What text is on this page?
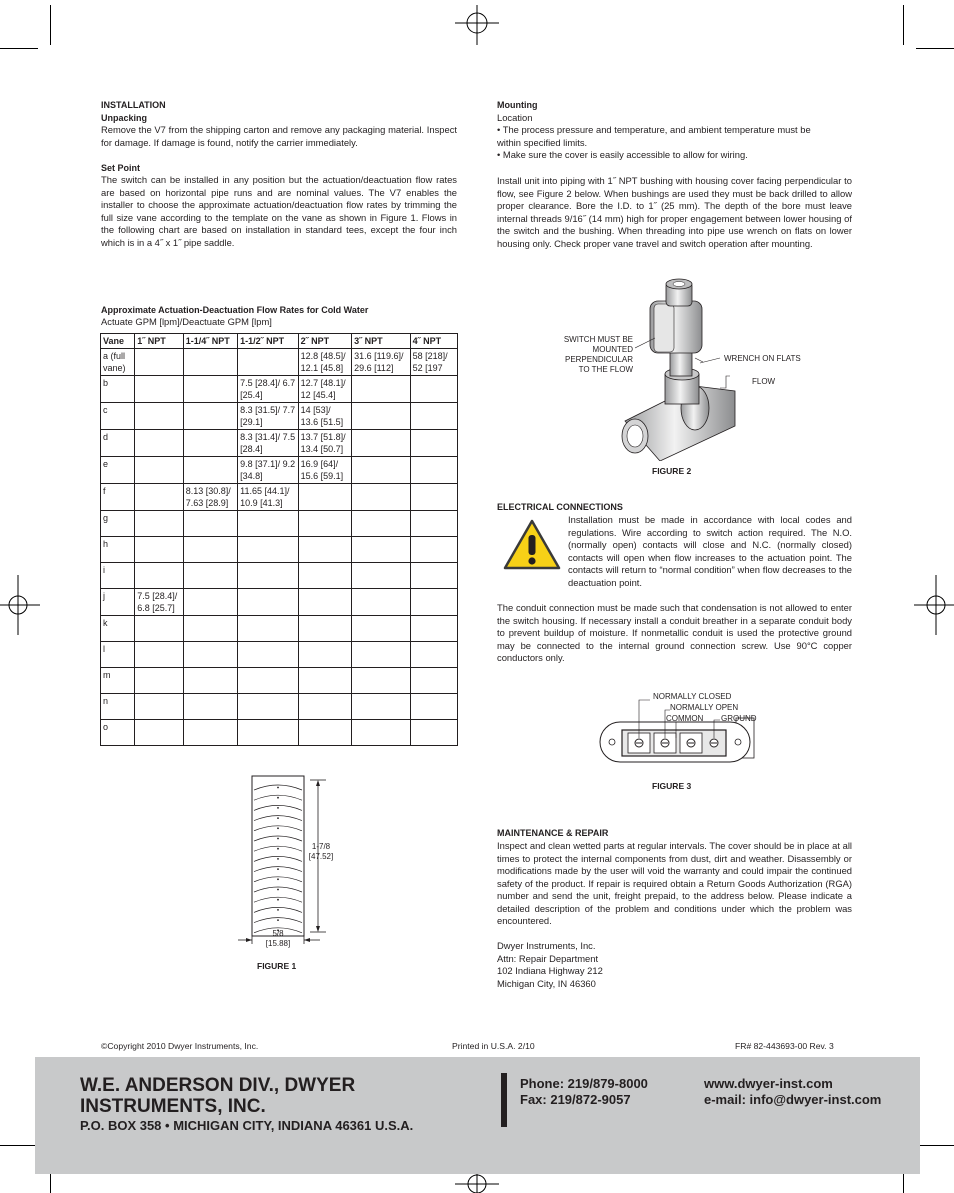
INSTALLATION
Unpacking
Remove the V7 from the shipping carton and remove any packaging material. Inspect for damage. If damage is found, notify the carrier immediately.
Set Point
The switch can be installed in any position but the actuation/deactuation flow rates are based on horizontal pipe runs and are nominal values. The V7 enables the installer to choose the approximate actuation/deactuation flow rates by trimming the full size vane according to the template on the vane as shown in Figure 1. Flows in the following chart are based on installation in standard tees, except the four inch which is in a 4˝ x 1˝ pipe saddle.
Approximate Actuation-Deactuation Flow Rates for Cold Water
Actuate GPM [lpm]/Deactuate GPM [lpm]
Vane	1˝ NPT	1-1/4˝ NPT	1-1/2˝ NPT	2˝ NPT	3˝ NPT	4˝ NPT
a (full vane)				12.8 [48.5]/ 12.1 [45.8]	31.6 [119.6]/ 29.6 [112]	58 [218]/ 52 [197
b			7.5 [28.4]/ 6.7 [25.4]	12.7 [48.1]/ 12 [45.4]		
c			8.3 [31.5]/ 7.7 [29.1]	14 [53]/ 13.6 [51.5]		
d			8.3 [31.4]/ 7.5 [28.4]	13.7 [51.8]/ 13.4 [50.7]		
e			9.8 [37.1]/ 9.2 [34.8]	16.9 [64]/ 15.6 [59.1]		
f		8.13 [30.8]/ 7.63 [28.9]	11.65 [44.1]/ 10.9 [41.3]			
g						
h						
i						
j	7.5 [28.4]/ 6.8 [25.7]					
k						
l						
m						
n						
o						
1-7/8
[47.52]
5/8
[15.88]
FIGURE 1
Mounting
Location
• The process pressure and temperature, and ambient temperature must be within specified limits.
• Make sure the cover is easily accessible to allow for wiring.
Install unit into piping with 1˝ NPT bushing with housing cover facing perpendicular to flow, see Figure 2 below. When bushings are used they must be back drilled to allow proper clearance. Bore the I.D. to 1˝ (25 mm). The depth of the bore must leave internal threads 9/16˝ (14 mm) high for proper engagement between lower housing of the switch and the bushing. When threading into pipe use wrench on flats on lower housing only. Check proper vane travel and switch operation after mounting.
SWITCH MUST BE MOUNTED PERPENDICULAR TO THE FLOW
WRENCH ON FLATS
FLOW
FIGURE 2
ELECTRICAL CONNECTIONS
Installation must be made in accordance with local codes and regulations. Wire according to switch action required. The N.O. (normally open) contacts will close and N.C. (normally closed) contacts will open when flow increases to the actuation point. The contacts will return to “normal condition” when flow decreases to the deactuation point.
The conduit connection must be made such that condensation is not allowed to enter the switch housing. If necessary install a conduit breather in a separate conduit body to prevent buildup of moisture. If nonmetallic conduit is used the protective ground may be connected to the internal ground connection screw. Use 90°C copper conductors only.
NORMALLY CLOSED
NORMALLY OPEN
COMMON GROUND
FIGURE 3
MAINTENANCE & REPAIR
Inspect and clean wetted parts at regular intervals. The cover should be in place at all times to protect the internal components from dust, dirt and weather. Disassembly or modifications made by the user will void the warranty and could impair the continued safety of the product. If repair is required obtain a Return Goods Authorization (RGA) number and send the unit, freight prepaid, to the address below. Please indicate a detailed description of the problem and conditions under which the problem was encountered.
Dwyer Instruments, Inc.
Attn: Repair Department
102 Indiana Highway 212
Michigan City, IN 46360
©Copyright 2010 Dwyer Instruments, Inc.	Printed in U.S.A. 2/10	FR# 82-443693-00 Rev. 3
W.E. ANDERSON DIV., DWYER
INSTRUMENTS, INC.
P.O. BOX 358 • MICHIGAN CITY, INDIANA 46361 U.S.A.
Phone: 219/879-8000
Fax: 219/872-9057
www.dwyer-inst.com
e-mail: info@dwyer-inst.com
